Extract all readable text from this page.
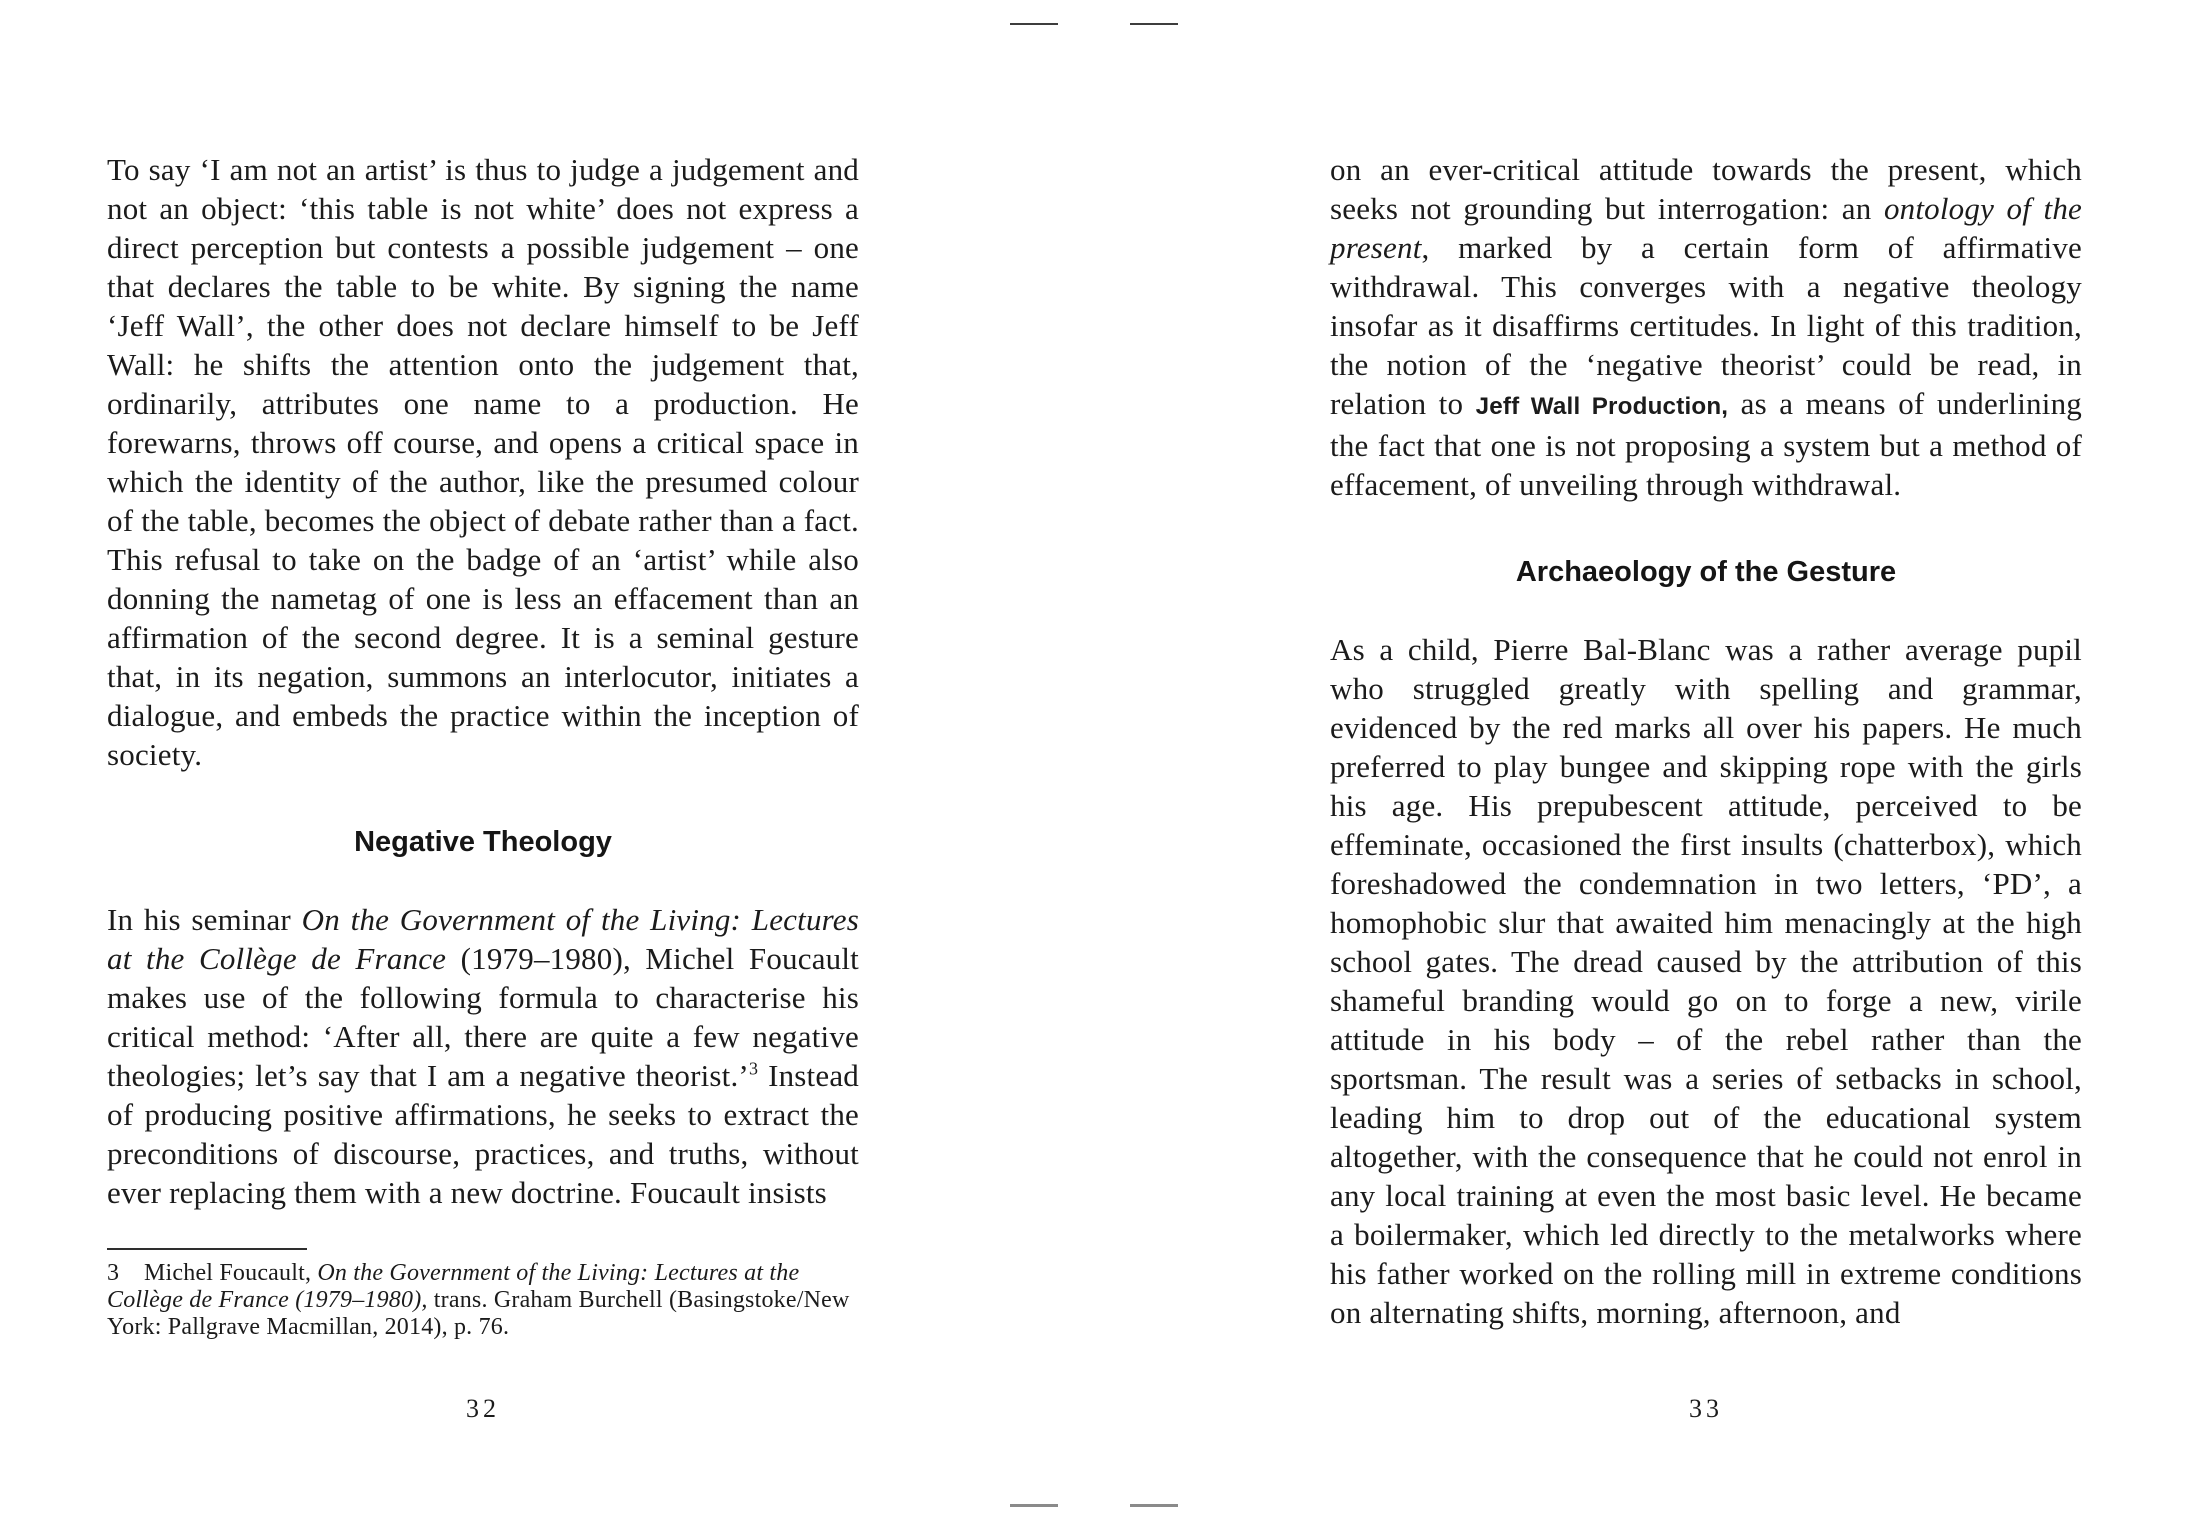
To say ‘I am not an artist’ is thus to judge a judgement and not an object: ‘this table is not white’ does not express a direct perception but contests a possible judgement – one that declares the table to be white. By signing the name ‘Jeff Wall’, the other does not declare himself to be Jeff Wall: he shifts the attention onto the judgement that, ordinarily, attributes one name to a production. He forewarns, throws off course, and opens a critical space in which the identity of the author, like the presumed colour of the table, becomes the object of debate rather than a fact. This refusal to take on the badge of an ‘artist’ while also donning the nametag of one is less an effacement than an affirmation of the second degree. It is a seminal gesture that, in its negation, summons an interlocutor, initiates a dialogue, and embeds the practice within the inception of society.

Negative Theology

In his seminar On the Government of the Living: Lectures at the Collège de France (1979–1980), Michel Foucault makes use of the following formula to characterise his critical method: ‘After all, there are quite a few negative theologies; let’s say that I am a negative theorist.’$^3$ Instead of producing positive affirmations, he seeks to extract the preconditions of discourse, practices, and truths, without ever replacing them with a new doctrine. Foucault insists

3    Michel Foucault, On the Government of the Living: Lectures at the Collège de France (1979–1980), trans. Graham Burchell (Basingstoke/New York: Pallgrave Macmillan, 2014), p. 76.

32

on an ever-critical attitude towards the present, which seeks not grounding but interrogation: an ontology of the present, marked by a certain form of affirmative withdrawal. This converges with a negative theology insofar as it disaffirms certitudes. In light of this tradition, the notion of the ‘negative theorist’ could be read, in relation to Jeff Wall Production, as a means of underlining the fact that one is not proposing a system but a method of effacement, of unveiling through withdrawal.

Archaeology of the Gesture

As a child, Pierre Bal-Blanc was a rather average pupil who struggled greatly with spelling and grammar, evidenced by the red marks all over his papers. He much preferred to play bungee and skipping rope with the girls his age. His prepubescent attitude, perceived to be effeminate, occasioned the first insults (chatterbox), which foreshadowed the condemnation in two letters, ‘PD’, a homophobic slur that awaited him menacingly at the high school gates. The dread caused by the attribution of this shameful branding would go on to forge a new, virile attitude in his body – of the rebel rather than the sportsman. The result was a series of setbacks in school, leading him to drop out of the educational system altogether, with the consequence that he could not enrol in any local training at even the most basic level. He became a boilermaker, which led directly to the metalworks where his father worked on the rolling mill in extreme conditions on alternating shifts, morning, afternoon, and

33
